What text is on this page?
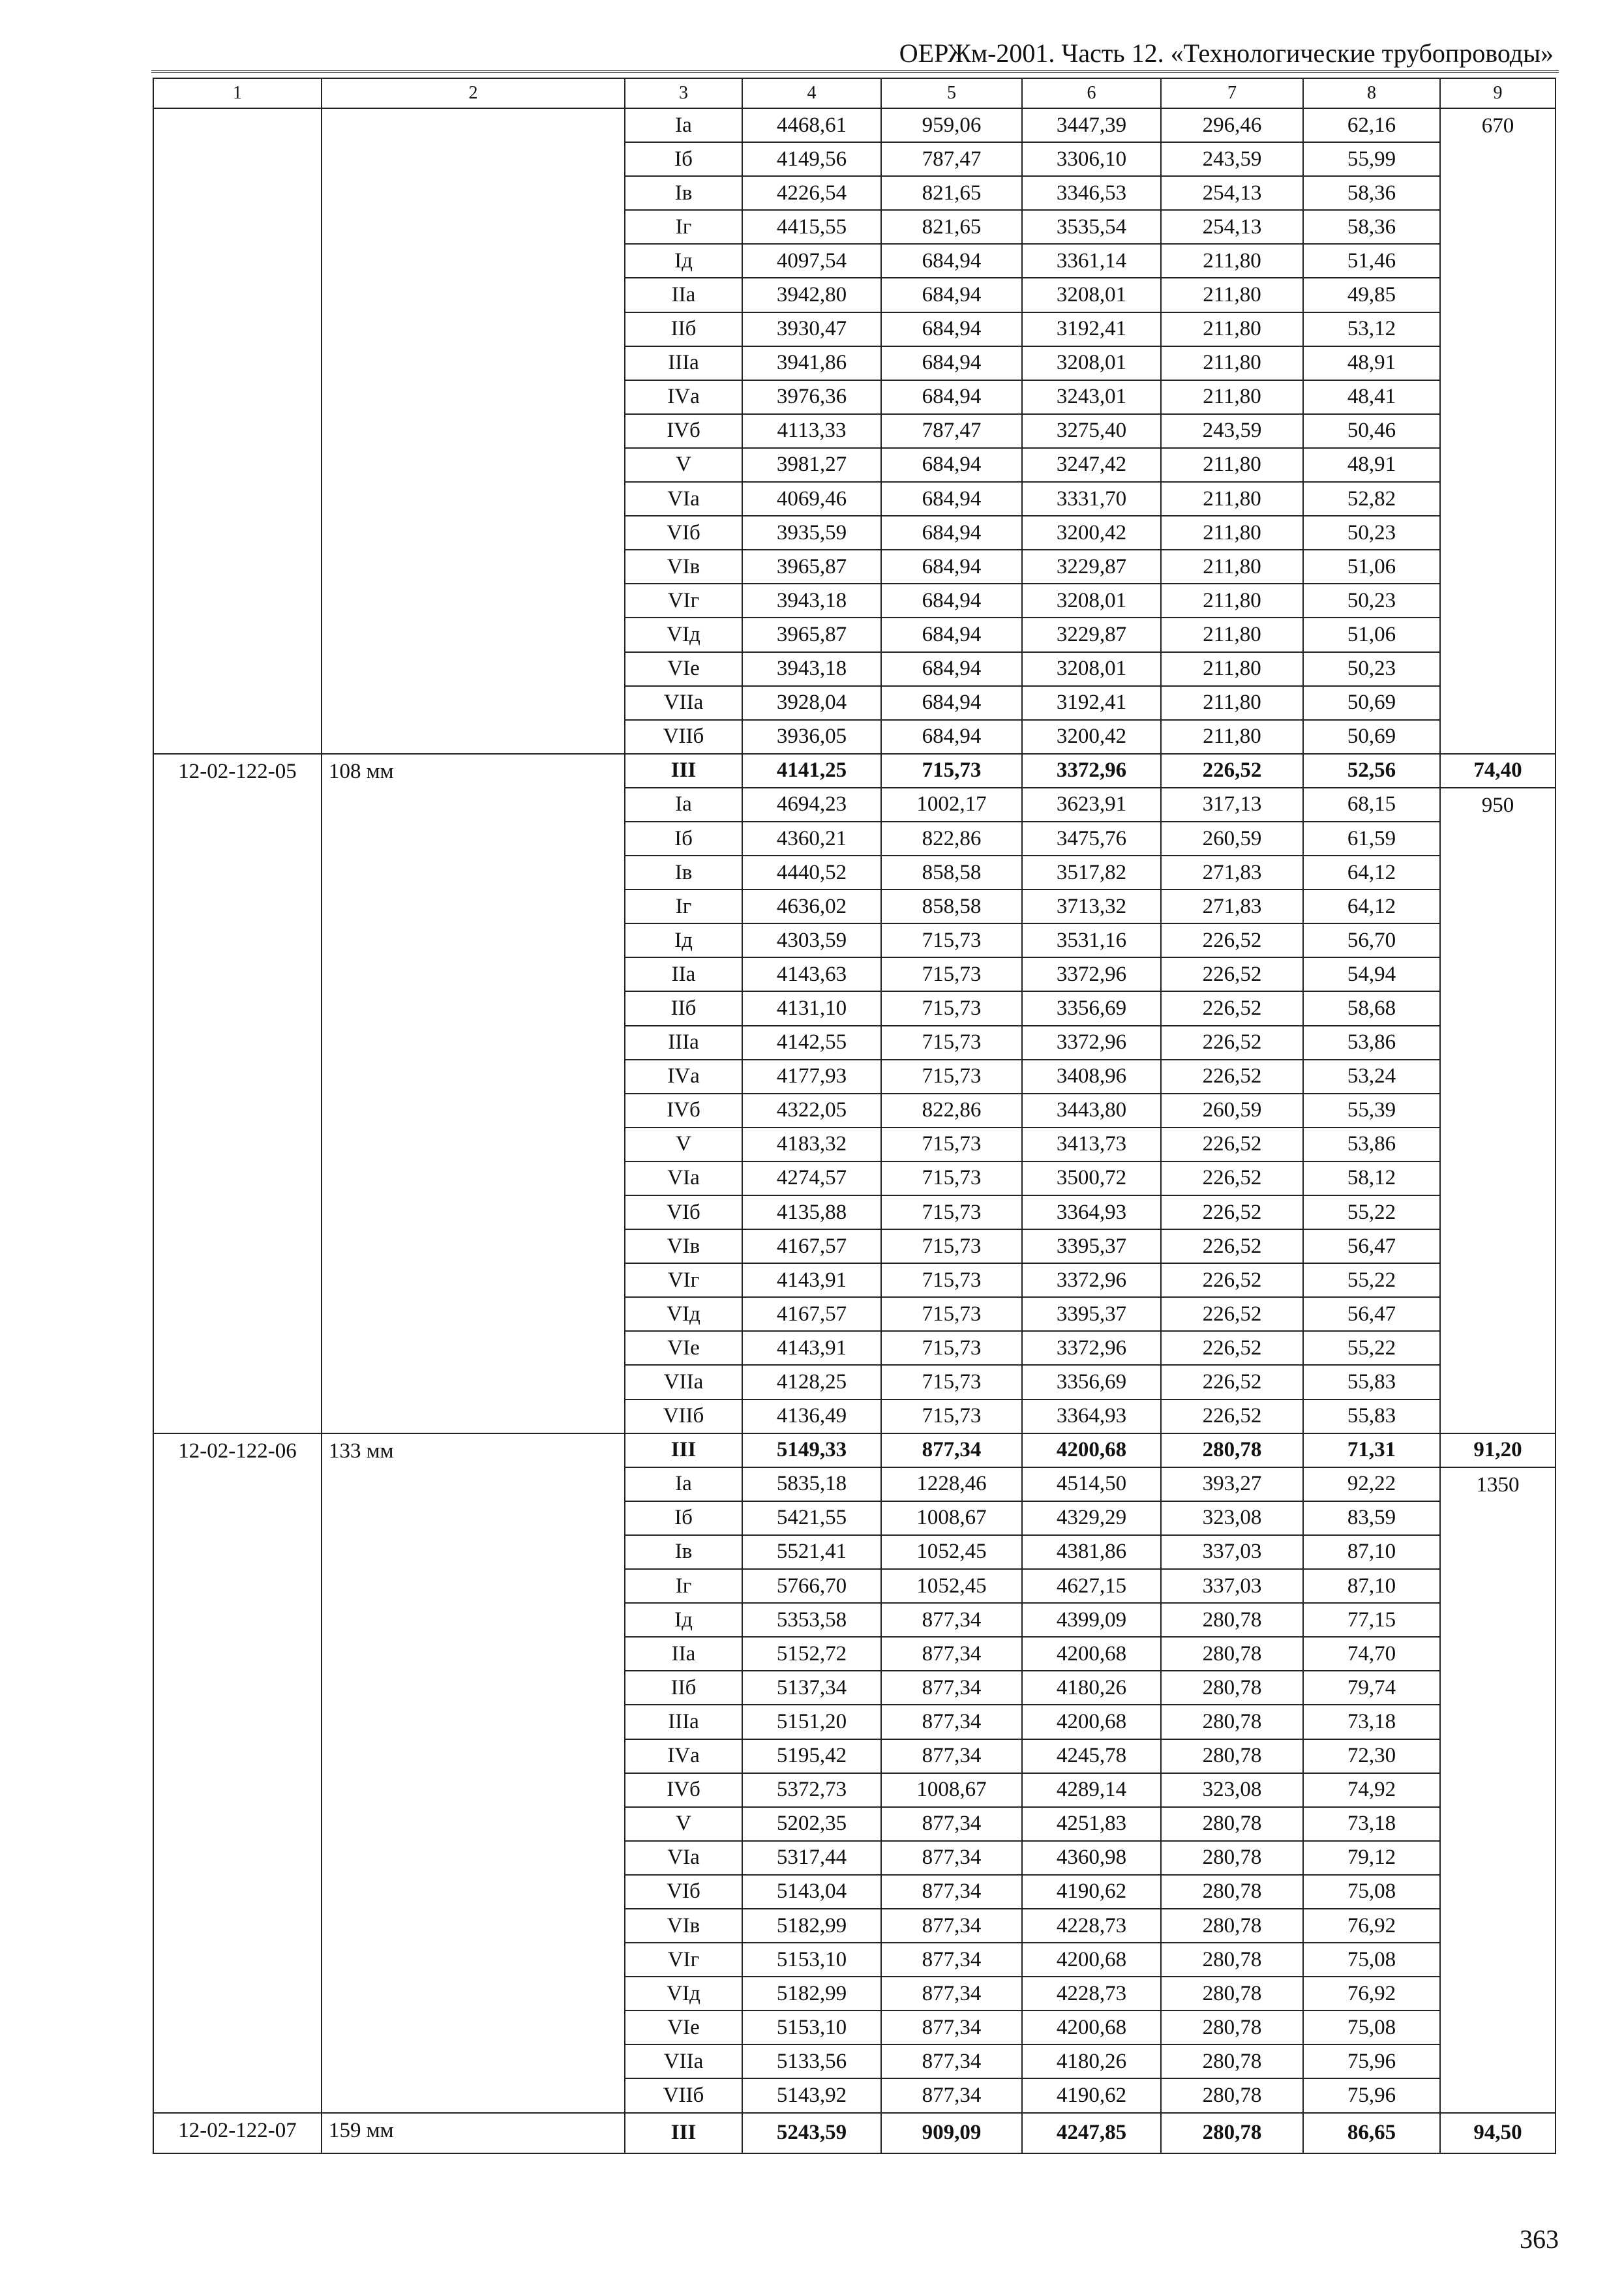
ОЕРЖм-2001. Часть 12. «Технологические трубопроводы»
1	2	3	4	5	6	7	8	9
		Iа	4468,61	959,06	3447,39	296,46	62,16	670
		Iб	4149,56	787,47	3306,10	243,59	55,99	
		Iв	4226,54	821,65	3346,53	254,13	58,36	
		Iг	4415,55	821,65	3535,54	254,13	58,36	
		Iд	4097,54	684,94	3361,14	211,80	51,46	
		IIа	3942,80	684,94	3208,01	211,80	49,85	
		IIб	3930,47	684,94	3192,41	211,80	53,12	
		IIIа	3941,86	684,94	3208,01	211,80	48,91	
		IVа	3976,36	684,94	3243,01	211,80	48,41	
		IVб	4113,33	787,47	3275,40	243,59	50,46	
		V	3981,27	684,94	3247,42	211,80	48,91	
		VIа	4069,46	684,94	3331,70	211,80	52,82	
		VIб	3935,59	684,94	3200,42	211,80	50,23	
		VIв	3965,87	684,94	3229,87	211,80	51,06	
		VIг	3943,18	684,94	3208,01	211,80	50,23	
		VIд	3965,87	684,94	3229,87	211,80	51,06	
		VIе	3943,18	684,94	3208,01	211,80	50,23	
		VIIа	3928,04	684,94	3192,41	211,80	50,69	
		VIIб	3936,05	684,94	3200,42	211,80	50,69	
12-02-122-05	108 мм	III	4141,25	715,73	3372,96	226,52	52,56	74,40
		Iа	4694,23	1002,17	3623,91	317,13	68,15	950
		Iб	4360,21	822,86	3475,76	260,59	61,59	
		Iв	4440,52	858,58	3517,82	271,83	64,12	
		Iг	4636,02	858,58	3713,32	271,83	64,12	
		Iд	4303,59	715,73	3531,16	226,52	56,70	
		IIа	4143,63	715,73	3372,96	226,52	54,94	
		IIб	4131,10	715,73	3356,69	226,52	58,68	
		IIIа	4142,55	715,73	3372,96	226,52	53,86	
		IVа	4177,93	715,73	3408,96	226,52	53,24	
		IVб	4322,05	822,86	3443,80	260,59	55,39	
		V	4183,32	715,73	3413,73	226,52	53,86	
		VIа	4274,57	715,73	3500,72	226,52	58,12	
		VIб	4135,88	715,73	3364,93	226,52	55,22	
		VIв	4167,57	715,73	3395,37	226,52	56,47	
		VIг	4143,91	715,73	3372,96	226,52	55,22	
		VIд	4167,57	715,73	3395,37	226,52	56,47	
		VIе	4143,91	715,73	3372,96	226,52	55,22	
		VIIа	4128,25	715,73	3356,69	226,52	55,83	
		VIIб	4136,49	715,73	3364,93	226,52	55,83	
12-02-122-06	133 мм	III	5149,33	877,34	4200,68	280,78	71,31	91,20
		Iа	5835,18	1228,46	4514,50	393,27	92,22	1350
		Iб	5421,55	1008,67	4329,29	323,08	83,59	
		Iв	5521,41	1052,45	4381,86	337,03	87,10	
		Iг	5766,70	1052,45	4627,15	337,03	87,10	
		Iд	5353,58	877,34	4399,09	280,78	77,15	
		IIа	5152,72	877,34	4200,68	280,78	74,70	
		IIб	5137,34	877,34	4180,26	280,78	79,74	
		IIIа	5151,20	877,34	4200,68	280,78	73,18	
		IVа	5195,42	877,34	4245,78	280,78	72,30	
		IVб	5372,73	1008,67	4289,14	323,08	74,92	
		V	5202,35	877,34	4251,83	280,78	73,18	
		VIа	5317,44	877,34	4360,98	280,78	79,12	
		VIб	5143,04	877,34	4190,62	280,78	75,08	
		VIв	5182,99	877,34	4228,73	280,78	76,92	
		VIг	5153,10	877,34	4200,68	280,78	75,08	
		VIд	5182,99	877,34	4228,73	280,78	76,92	
		VIе	5153,10	877,34	4200,68	280,78	75,08	
		VIIа	5133,56	877,34	4180,26	280,78	75,96	
		VIIб	5143,92	877,34	4190,62	280,78	75,96	
12-02-122-07	159 мм	III	5243,59	909,09	4247,85	280,78	86,65	94,50
363
